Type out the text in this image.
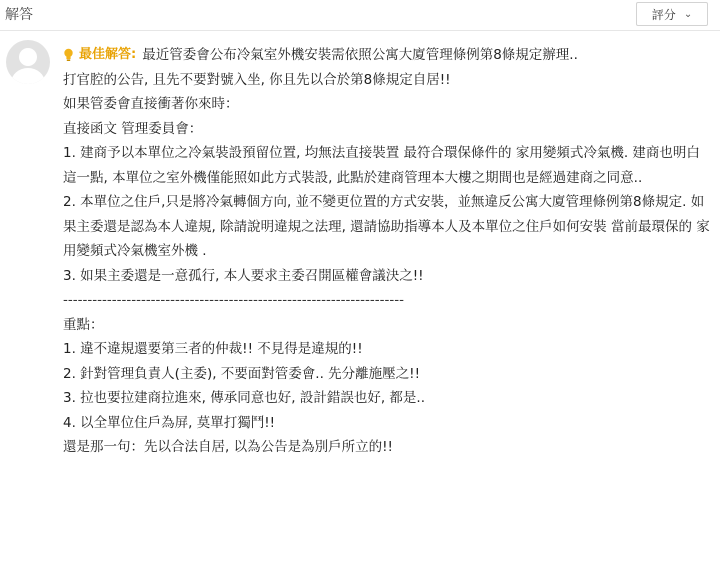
解答	評分 ⌄

最佳解答: 最近管委會公布冷氣室外機安裝需依照公寓大廈管理條例第8條規定辦理..

打官腔的公告, 且先不要對號入坐, 你且先以合於第8條規定自居!!

如果管委會直接衝著你來時：

直接函文 管理委員會：

1. 建商予以本單位之冷氣裝設預留位置, 均無法直接裝置 最符合環保條件的 家用變頻式冷氣機. 建商也明白這一點, 本單位之室外機僅能照如此方式裝設, 此點於建商管理本大樓之期間也是經過建商之同意..

2. 本單位之住戶,只是將冷氣轉個方向, 並不變更位置的方式安裝，並無違反公寓大廈管理條例第8條規定. 如果主委還是認為本人違規, 除請說明違規之法理, 還請協助指導本人及本單位之住戶如何安裝 當前最環保的 家用變頻式冷氣機室外機 .

3. 如果主委還是一意孤行, 本人要求主委召開區權會議決之!!

----------------------------------------------------------------------

重點：

1. 違不違規還要第三者的仲裁!! 不見得是違規的!!

2. 針對管理負責人(主委), 不要面對管委會.. 先分離施壓之!!

3. 拉也要拉建商拉進來, 傳承同意也好, 設計錯誤也好, 都是..

4. 以全單位住戶為屏, 莫單打獨鬥!!

還是那一句：先以合法自居, 以為公告是為別戶所立的!!
